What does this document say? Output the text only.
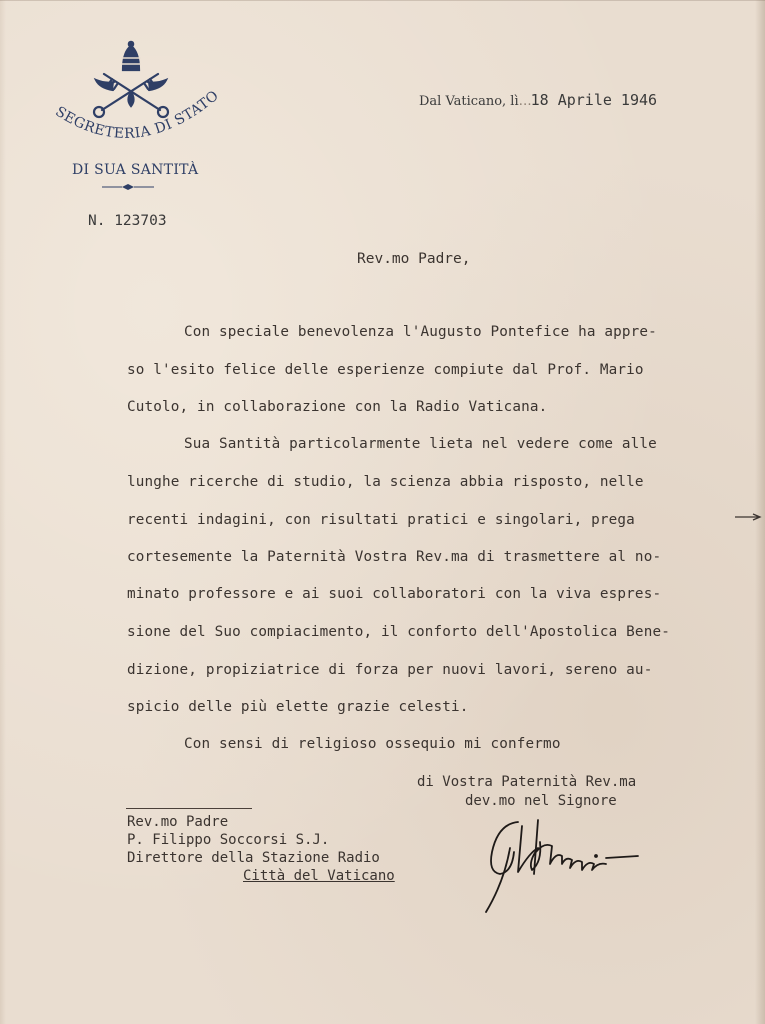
SEGRETERIA DI STATO
DI SUA SANTITÀ
N. 123703
Dal Vaticano, lì…18 Aprile 1946
Rev.mo Padre,
Con speciale benevolenza l'Augusto Pontefice ha appre-
so l'esito felice delle esperienze compiute dal Prof. Mario
Cutolo, in collaborazione con la Radio Vaticana.
Sua Santità particolarmente lieta nel vedere come alle
lunghe ricerche di studio, la scienza abbia risposto, nelle
recenti indagini, con risultati pratici e singolari, prega
cortesemente la Paternità Vostra Rev.ma di trasmettere al no-
minato professore e ai suoi collaboratori con la viva espres-
sione del Suo compiacimento, il conforto dell'Apostolica Bene-
dizione, propiziatrice di forza per nuovi lavori, sereno au-
spicio delle più elette grazie celesti.
Con sensi di religioso ossequio mi confermo
di Vostra Paternità Rev.ma
dev.mo nel Signore
Rev.mo Padre
P. Filippo Soccorsi S.J.
Direttore della Stazione Radio
Città del Vaticano
